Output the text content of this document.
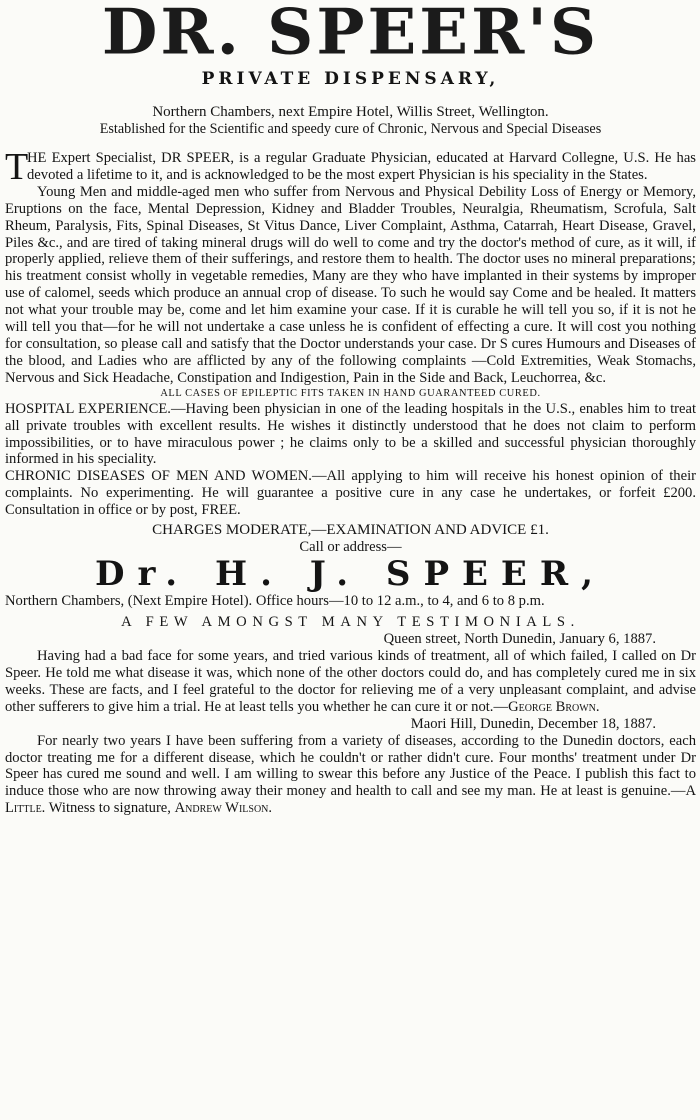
DR. SPEER'S
PRIVATE DISPENSARY,

Northern Chambers, next Empire Hotel, Willis Street, Wellington.

Established for the Scientific and speedy cure of Chronic, Nervous and Special Diseases

T

HE Expert Specialist, DR SPEER, is a regular Graduate Physician, educated at Harvard Collegne, U.S. He has devoted a lifetime to it, and is acknowledged to be the most expert Physician is his speciality in the States.

Young Men and middle-aged men who suffer from Nervous and Physical Debility Loss of Energy or Memory, Eruptions on the face, Mental Depression, Kidney and Bladder Troubles, Neuralgia, Rheumatism, Scrofula, Salt Rheum, Paralysis, Fits, Spinal Diseases, St Vitus Dance, Liver Complaint, Asthma, Catarrah, Heart Disease, Gravel, Piles &c., and are tired of taking mineral drugs will do well to come and try the doctor's method of cure, as it will, if properly applied, relieve them of their sufferings, and restore them to health. The doctor uses no mineral preparations; his treatment consist wholly in vegetable remedies, Many are they who have implanted in their systems by improper use of calomel, seeds which produce an annual crop of disease. To such he would say Come and be healed. It matters not what your trouble may be, come and let him examine your case. If it is curable he will tell you so, if it is not he will tell you that—for he will not undertake a case unless he is confident of effecting a cure. It will cost you nothing for consultation, so please call and satisfy that the Doctor understands your case. Dr S cures Humours and Diseases of the blood, and Ladies who are afflicted by any of the following complaints —Cold Extremities, Weak Stomachs, Nervous and Sick Headache, Constipation and Indigestion, Pain in the Side and Back, Leuchorrea, &c.

ALL CASES OF EPILEPTIC FITS TAKEN IN HAND GUARANTEED CURED.

HOSPITAL EXPERIENCE.—Having been physician in one of the leading hospitals in the U.S., enables him to treat all private troubles with excellent results. He wishes it distinctly understood that he does not claim to perform impossibilities, or to have miraculous power ; he claims only to be a skilled and successful physician thoroughly informed in his speciality.

CHRONIC DISEASES OF MEN AND WOMEN.—All applying to him will receive his honest opinion of their complaints. No experimenting. He will guarantee a positive cure in any case he undertakes, or forfeit £200. Consultation in office or by post, FREE.

CHARGES MODERATE,—EXAMINATION AND ADVICE £1.

Call or address—

Dr. H. J. SPEER,

Northern Chambers, (Next Empire Hotel). Office hours—10 to 12 a.m., to 4, and 6 to 8 p.m.

A FEW AMONGST MANY TESTIMONIALS.

Queen street, North Dunedin, January 6, 1887.

Having had a bad face for some years, and tried various kinds of treatment, all of which failed, I called on Dr Speer. He told me what disease it was, which none of the other doctors could do, and has completely cured me in six weeks. These are facts, and I feel grateful to the doctor for relieving me of a very unpleasant complaint, and advise other sufferers to give him a trial. He at least tells you whether he can cure it or not.—George Brown.

Maori Hill, Dunedin, December 18, 1887.

For nearly two years I have been suffering from a variety of diseases, according to the Dunedin doctors, each doctor treating me for a different disease, which he couldn't or rather didn't cure. Four months' treatment under Dr Speer has cured me sound and well. I am willing to swear this before any Justice of the Peace. I publish this fact to induce those who are now throwing away their money and health to call and see my man. He at least is genuine.—A Little. Witness to signature, Andrew Wilson.
